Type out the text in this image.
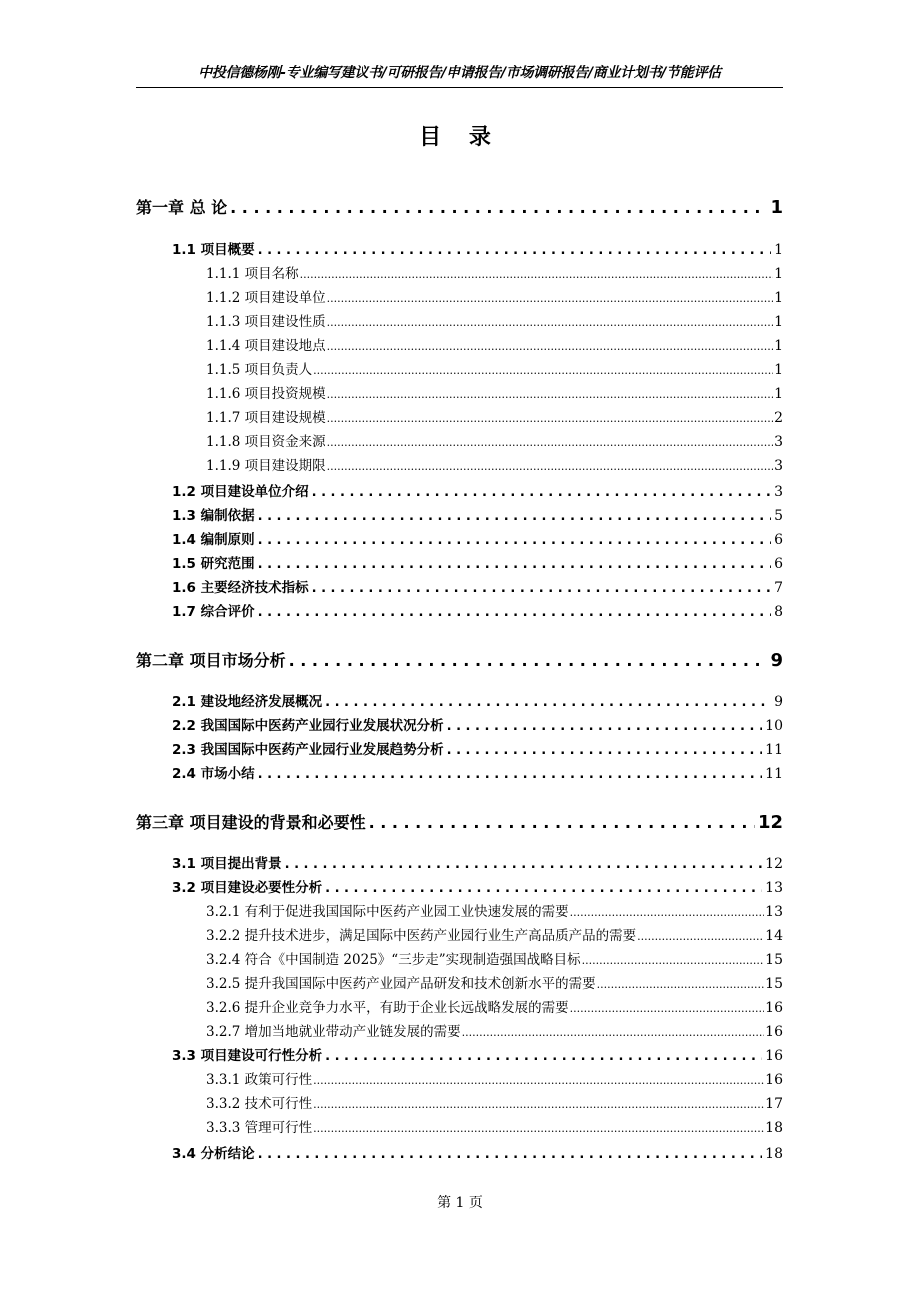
中投信德杨刚-专业编写建议书/可研报告/申请报告/市场调研报告/商业计划书/节能评估
目 录
第一章 总 论 . . .	1
1.1 项目概要 . . .	1
1.1.1 项目名称 .....	1
1.1.2 项目建设单位 .....	1
1.1.3 项目建设性质 .....	1
1.1.4 项目建设地点 .....	1
1.1.5 项目负责人 .....	1
1.1.6 项目投资规模 .....	1
1.1.7 项目建设规模 .....	2
1.1.8 项目资金来源 .....	3
1.1.9 项目建设期限 .....	3
1.2 项目建设单位介绍 . . .	3
1.3 编制依据 . . .	5
1.4 编制原则 . . .	6
1.5 研究范围 . . .	6
1.6 主要经济技术指标 . . .	7
1.7 综合评价 . . .	8
第二章 项目市场分析 . . .	9
2.1 建设地经济发展概况 . . .	9
2.2 我国国际中医药产业园行业发展状况分析 . . .	10
2.3 我国国际中医药产业园行业发展趋势分析 . . .	11
2.4 市场小结 . . .	11
第三章 项目建设的背景和必要性 . . .	12
3.1 项目提出背景 . . .	12
3.2 项目建设必要性分析 . . .	13
3.2.1 有利于促进我国国际中医药产业园工业快速发展的需要 .....	13
3.2.2 提升技术进步，满足国际中医药产业园行业生产高品质产品的需要 .....	14
3.2.4 符合《中国制造 2025》“三步走”实现制造强国战略目标 .....	15
3.2.5 提升我国国际中医药产业园产品研发和技术创新水平的需要 .....	15
3.2.6 提升企业竞争力水平，有助于企业长远战略发展的需要 .....	16
3.2.7 增加当地就业带动产业链发展的需要 .....	16
3.3 项目建设可行性分析 . . .	16
3.3.1 政策可行性 .....	16
3.3.2 技术可行性 .....	17
3.3.3 管理可行性 .....	18
3.4 分析结论 . . .	18
第 1 页
